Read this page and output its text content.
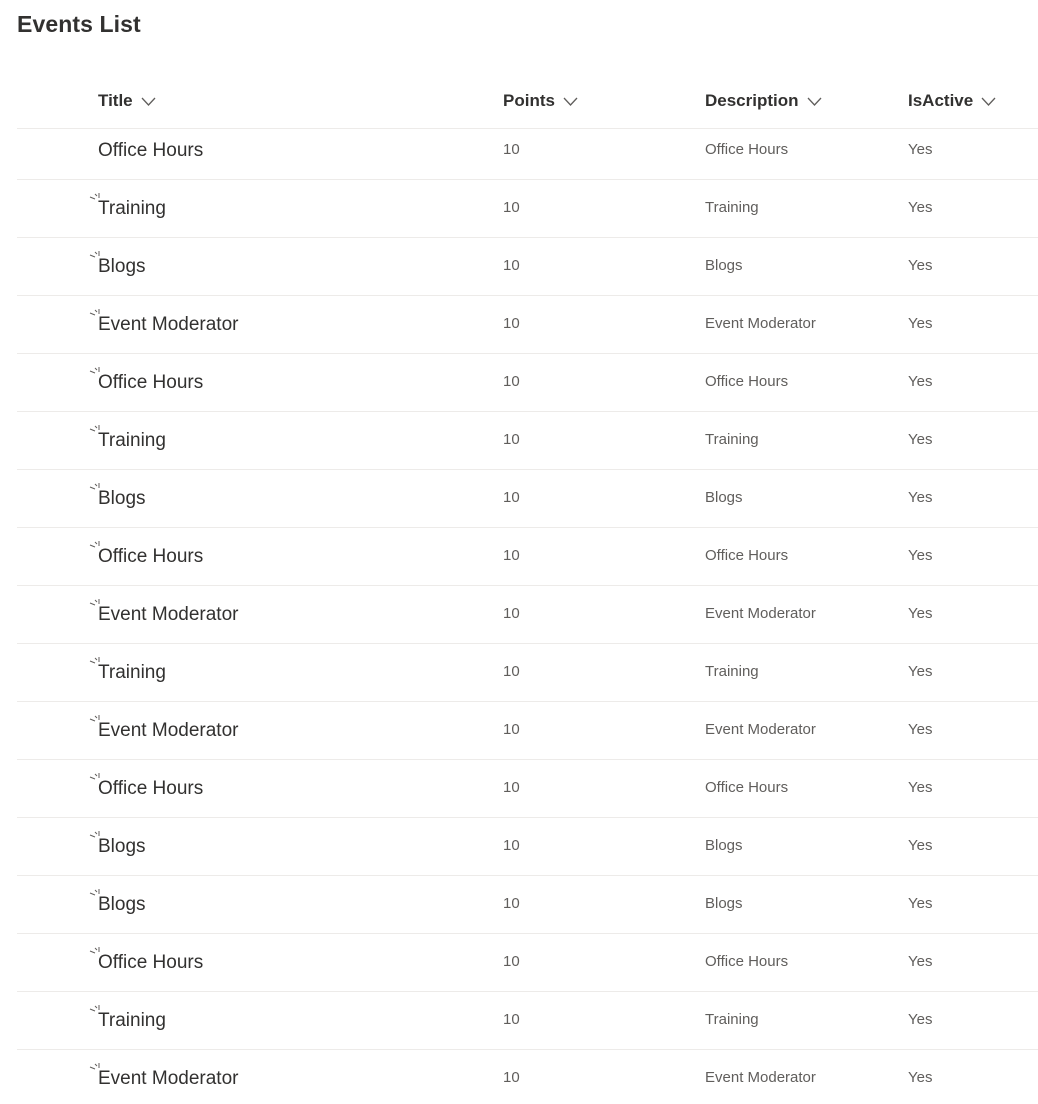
Events List
Title	Points	Description	IsActive
Office Hours	10	Office Hours	Yes
Training	10	Training	Yes
Blogs	10	Blogs	Yes
Event Moderator	10	Event Moderator	Yes
Office Hours	10	Office Hours	Yes
Training	10	Training	Yes
Blogs	10	Blogs	Yes
Office Hours	10	Office Hours	Yes
Event Moderator	10	Event Moderator	Yes
Training	10	Training	Yes
Event Moderator	10	Event Moderator	Yes
Office Hours	10	Office Hours	Yes
Blogs	10	Blogs	Yes
Blogs	10	Blogs	Yes
Office Hours	10	Office Hours	Yes
Training	10	Training	Yes
Event Moderator	10	Event Moderator	Yes
